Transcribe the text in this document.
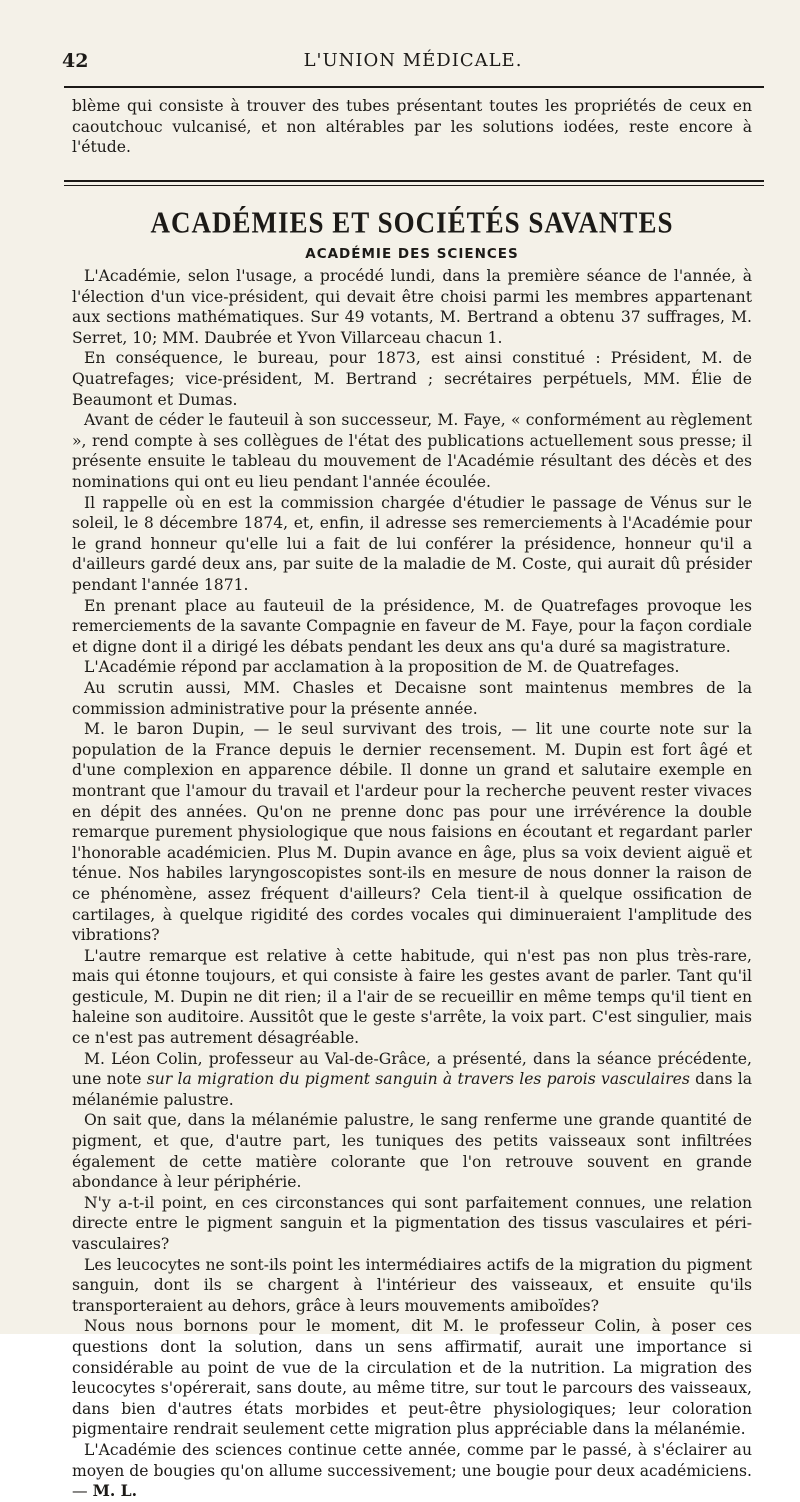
42	L'UNION MÉDICALE.

blème qui consiste à trouver des tubes présentant toutes les propriétés de ceux en caoutchouc vulcanisé, et non altérables par les solutions iodées, reste encore à l'étude.

ACADÉMIES ET SOCIÉTÉS SAVANTES
ACADÉMIE DES SCIENCES

L'Académie, selon l'usage, a procédé lundi, dans la première séance de l'année, à l'élection d'un vice-président, qui devait être choisi parmi les membres appartenant aux sections mathématiques. Sur 49 votants, M. Bertrand a obtenu 37 suffrages, M. Serret, 10; MM. Daubrée et Yvon Villarceau chacun 1.

En conséquence, le bureau, pour 1873, est ainsi constitué : Président, M. de Quatrefages; vice-président, M. Bertrand ; secrétaires perpétuels, MM. Élie de Beaumont et Dumas.

Avant de céder le fauteuil à son successeur, M. Faye, « conformément au règlement », rend compte à ses collègues de l'état des publications actuellement sous presse; il présente ensuite le tableau du mouvement de l'Académie résultant des décès et des nominations qui ont eu lieu pendant l'année écoulée.

Il rappelle où en est la commission chargée d'étudier le passage de Vénus sur le soleil, le 8 décembre 1874, et, enfin, il adresse ses remerciements à l'Académie pour le grand honneur qu'elle lui a fait de lui conférer la présidence, honneur qu'il a d'ailleurs gardé deux ans, par suite de la maladie de M. Coste, qui aurait dû présider pendant l'année 1871.

En prenant place au fauteuil de la présidence, M. de Quatrefages provoque les remerciements de la savante Compagnie en faveur de M. Faye, pour la façon cordiale et digne dont il a dirigé les débats pendant les deux ans qu'a duré sa magistrature.

L'Académie répond par acclamation à la proposition de M. de Quatrefages.

Au scrutin aussi, MM. Chasles et Decaisne sont maintenus membres de la commission administrative pour la présente année.

M. le baron Dupin, — le seul survivant des trois, — lit une courte note sur la population de la France depuis le dernier recensement. M. Dupin est fort âgé et d'une complexion en apparence débile. Il donne un grand et salutaire exemple en montrant que l'amour du travail et l'ardeur pour la recherche peuvent rester vivaces en dépit des années. Qu'on ne prenne donc pas pour une irrévérence la double remarque purement physiologique que nous faisions en écoutant et regardant parler l'honorable académicien. Plus M. Dupin avance en âge, plus sa voix devient aiguë et ténue. Nos habiles laryngoscopistes sont-ils en mesure de nous donner la raison de ce phénomène, assez fréquent d'ailleurs? Cela tient-il à quelque ossification de cartilages, à quelque rigidité des cordes vocales qui diminueraient l'amplitude des vibrations?

L'autre remarque est relative à cette habitude, qui n'est pas non plus très-rare, mais qui étonne toujours, et qui consiste à faire les gestes avant de parler. Tant qu'il gesticule, M. Dupin ne dit rien; il a l'air de se recueillir en même temps qu'il tient en haleine son auditoire. Aussitôt que le geste s'arrête, la voix part. C'est singulier, mais ce n'est pas autrement désagréable.

M. Léon Colin, professeur au Val-de-Grâce, a présenté, dans la séance précédente, une note sur la migration du pigment sanguin à travers les parois vasculaires dans la mélanémie palustre.

On sait que, dans la mélanémie palustre, le sang renferme une grande quantité de pigment, et que, d'autre part, les tuniques des petits vaisseaux sont infiltrées également de cette matière colorante que l'on retrouve souvent en grande abondance à leur périphérie.

N'y a-t-il point, en ces circonstances qui sont parfaitement connues, une relation directe entre le pigment sanguin et la pigmentation des tissus vasculaires et péri-vasculaires?

Les leucocytes ne sont-ils point les intermédiaires actifs de la migration du pigment sanguin, dont ils se chargent à l'intérieur des vaisseaux, et ensuite qu'ils transporteraient au dehors, grâce à leurs mouvements amiboïdes?

Nous nous bornons pour le moment, dit M. le professeur Colin, à poser ces questions dont la solution, dans un sens affirmatif, aurait une importance si considérable au point de vue de la circulation et de la nutrition. La migration des leucocytes s'opérerait, sans doute, au même titre, sur tout le parcours des vaisseaux, dans bien d'autres états morbides et peut-être physiologiques; leur coloration pigmentaire rendrait seulement cette migration plus appréciable dans la mélanémie.

L'Académie des sciences continue cette année, comme par le passé, à s'éclairer au moyen de bougies qu'on allume successivement; une bougie pour deux académiciens. — M. L.
